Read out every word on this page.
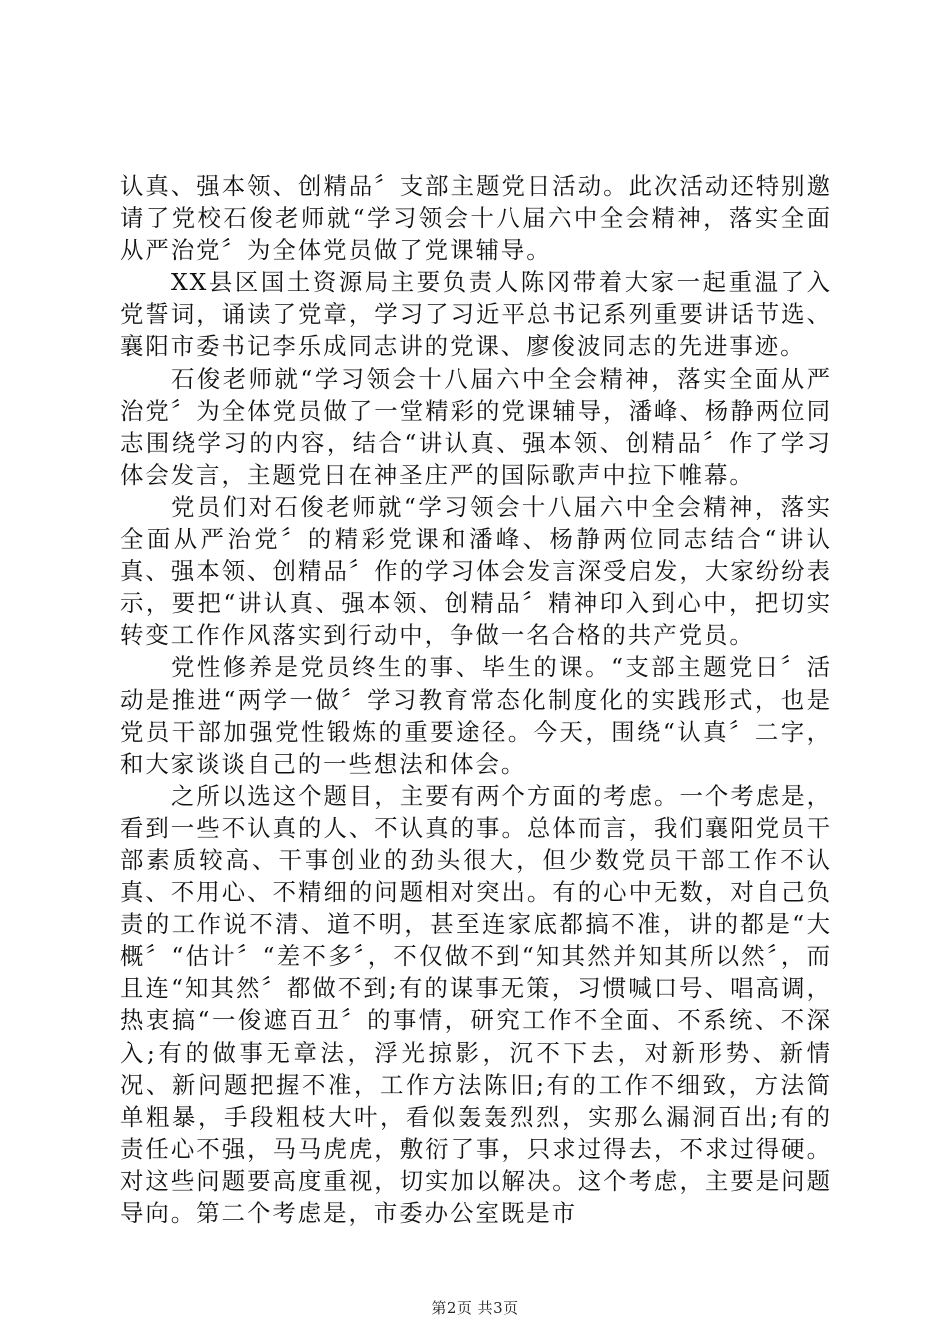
认真、强本领、创精品〞支部主题党日活动。此次活动还特别邀请了党校石俊老师就“学习领会十八届六中全会精神，落实全面从严治党〞为全体党员做了党课辅导。

XX县区国土资源局主要负责人陈冈带着大家一起重温了入党誓词，诵读了党章，学习了习近平总书记系列重要讲话节选、襄阳市委书记李乐成同志讲的党课、廖俊波同志的先进事迹。

石俊老师就“学习领会十八届六中全会精神，落实全面从严治党〞为全体党员做了一堂精彩的党课辅导，潘峰、杨静两位同志围绕学习的内容，结合“讲认真、强本领、创精品〞作了学习体会发言，主题党日在神圣庄严的国际歌声中拉下帷幕。

党员们对石俊老师就“学习领会十八届六中全会精神，落实全面从严治党〞的精彩党课和潘峰、杨静两位同志结合“讲认真、强本领、创精品〞作的学习体会发言深受启发，大家纷纷表示，要把“讲认真、强本领、创精品〞精神印入到心中，把切实转变工作作风落实到行动中，争做一名合格的共产党员。

党性修养是党员终生的事、毕生的课。“支部主题党日〞活动是推进“两学一做〞学习教育常态化制度化的实践形式，也是党员干部加强党性锻炼的重要途径。今天，围绕“认真〞二字，和大家谈谈自己的一些想法和体会。

之所以选这个题目，主要有两个方面的考虑。一个考虑是，看到一些不认真的人、不认真的事。总体而言，我们襄阳党员干部素质较高、干事创业的劲头很大，但少数党员干部工作不认真、不用心、不精细的问题相对突出。有的心中无数，对自己负责的工作说不清、道不明，甚至连家底都搞不准，讲的都是“大概〞“估计〞“差不多〞，不仅做不到“知其然并知其所以然〞，而且连“知其然〞都做不到;有的谋事无策，习惯喊口号、唱高调，热衷搞“一俊遮百丑〞的事情，研究工作不全面、不系统、不深入;有的做事无章法，浮光掠影，沉不下去，对新形势、新情况、新问题把握不准，工作方法陈旧;有的工作不细致，方法简单粗暴，手段粗枝大叶，看似轰轰烈烈，实那么漏洞百出;有的责任心不强，马马虎虎，敷衍了事，只求过得去，不求过得硬。对这些问题要高度重视，切实加以解决。这个考虑，主要是问题导向。第二个考虑是，市委办公室既是市

第2页 共3页
